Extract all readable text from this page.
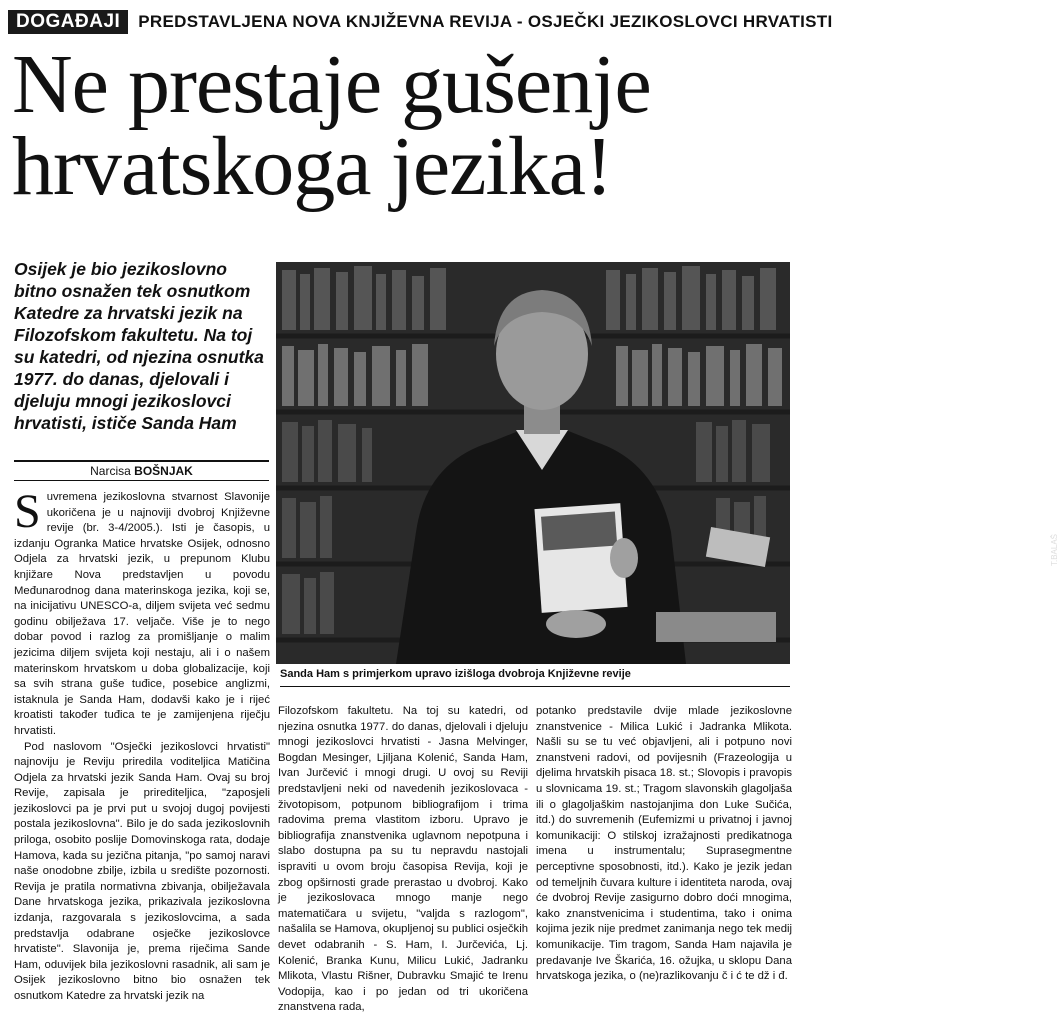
DOGAĐAJI	PREDSTAVLJENA NOVA KNJIŽEVNA REVIJA - OSJEČKI JEZIKOSLOVCI HRVATISTI
Ne prestaje gušenje
hrvatskoga jezika!
Osijek je bio jezikoslovno bitno osnažen tek osnutkom Katedre za hrvatski jezik na Filozofskom fakultetu. Na toj su katedri, od njezina osnutka 1977. do danas, djelovali i djeluju mnogi jezikoslovci hrvatisti, ističe Sanda Ham
Narcisa BOŠNJAK

Suvremena jezikoslovna stvarnost Slavonije ukoričena je u najnoviji dvobroj Književne revije (br. 3-4/2005.). Isti je časopis, u izdanju Ogranka Matice hrvatske Osijek, odnosno Odjela za hrvatski jezik, u prepunom Klubu knjižare Nova predstavljen u povodu Međunarodnog dana materinskoga jezika, koji se, na inicijativu UNESCO-a, diljem svijeta već sedmu godinu obilježava 17. veljače. Više je to nego dobar povod i razlog za promišljanje o malim jezicima diljem svijeta koji nestaju, ali i o našem materinskom hrvatskom u doba globalizacije, koji sa svih strana guše tuđice, posebice anglizmi, istaknula je Sanda Ham, dodavši kako je i rijeć kroatisti također tuđica te je zamijenjena riječju hrvatisti.

Pod naslovom "Osječki jezikoslovci hrvatisti" najnoviju je Reviju priredila voditeljica Matičina Odjela za hrvatski jezik Sanda Ham. Ovaj su broj Revije, zapisala je prirediteljica, "zaposjeli jezikoslovci pa je prvi put u svojoj dugoj povijesti postala jezikoslovna". Bilo je do sada jezikoslovnih priloga, osobito poslije Domovinskoga rata, dodaje Hamova, kada su jezična pitanja, "po samoj naravi naše onodobne zbilje, izbila u središte pozornosti. Revija je pratila normativna zbivanja, obilježavala Dane hrvatskoga jezika, prikazivala jezikoslovna izdanja, razgovarala s jezikoslovcima, a sada predstavlja odabrane osječke jezikoslovce hrvatiste". Slavonija je, prema riječima Sande Ham, oduvijek bila jezikoslovni rasadnik, ali sam je Osijek jezikoslovno bitno bio osnažen tek osnutkom Katedre za hrvatski jezik na

T.BALAŠ
Sanda Ham s primjerkom upravo izišloga dvobroja Književne revije

Filozofskom fakultetu. Na toj su katedri, od njezina osnutka 1977. do danas, djelovali i djeluju mnogi jezikoslovci hrvatisti - Jasna Melvinger, Bogdan Mesinger, Ljiljana Kolenić, Sanda Ham, Ivan Jurčević i mnogi drugi. U ovoj su Reviji predstavljeni neki od navedenih jezikoslovaca - životopisom, potpunom bibliografijom i trima radovima prema vlastitom izboru. Upravo je bibliografija znanstvenika uglavnom nepotpuna i slabo dostupna pa su tu nepravdu nastojali ispraviti u ovom broju časopisa Revija, koji je zbog opširnosti grade prerastao u dvobroj. Kako je jezikoslovaca mnogo manje nego matematičara u svijetu, "valjda s razlogom", našalila se Hamova, okupljenoj su publici osječkih devet odabranih - S. Ham, I. Jurčevića, Lj. Kolenić, Branka Kunu, Milicu Lukić, Jadranku Mlikota, Vlastu Rišner, Dubravku Smajić te Irenu Vodopija, kao i po jedan od tri ukoričena znanstvena rada,

potanko predstavile dvije mlade jezikoslovne znanstvenice - Milica Lukić i Jadranka Mlikota. Našli su se tu već objavljeni, ali i potpuno novi znanstveni radovi, od povijesnih (Frazeologija u djelima hrvatskih pisaca 18. st.; Slovopis i pravopis u slovnicama 19. st.; Tragom slavonskih glagoljaša ili o glagoljaškim nastojanjima don Luke Sučića, itd.) do suvremenih (Eufemizmi u privatnoj i javnoj komunikaciji: O stilskoj izražajnosti predikatnoga imena u instrumentalu; Suprasegmentne perceptivne sposobnosti, itd.). Kako je jezik jedan od temeljnih čuvara kulture i identiteta naroda, ovaj će dvobroj Revije zasigurno dobro doći mnogima, kako znanstvenicima i studentima, tako i onima kojima jezik nije predmet zanimanja nego tek medij komunikacije. Tim tragom, Sanda Ham najavila je predavanje Ive Škarića, 16. ožujka, u sklopu Dana hrvatskoga jezika, o (ne)razlikovanju č i ć te dž i đ.
